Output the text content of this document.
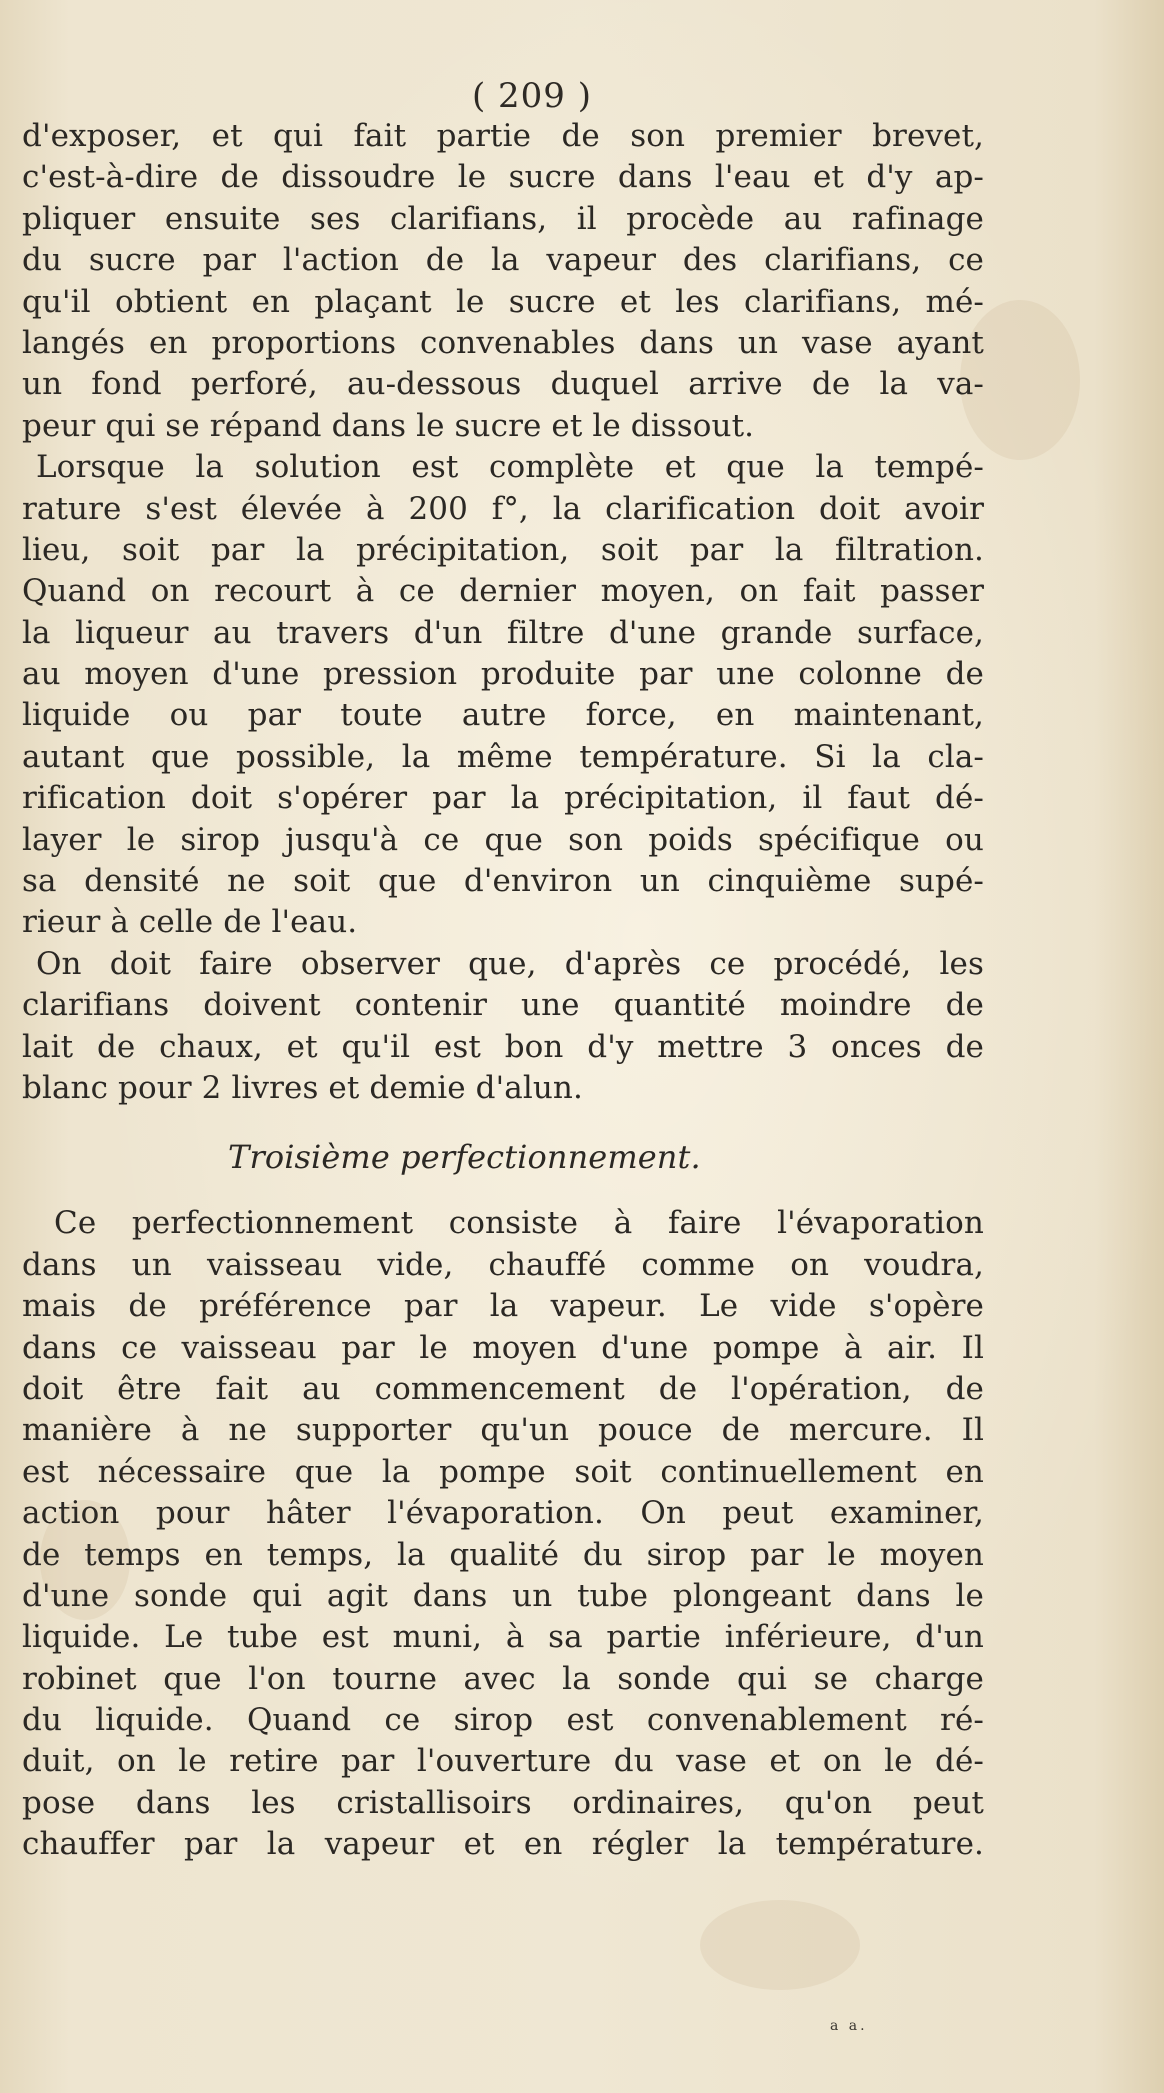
( 209 )
d'exposer, et qui fait partie de son premier brevet,
c'est-à-dire de dissoudre le sucre dans l'eau et d'y ap-
pliquer ensuite ses clarifians, il procède au rafinage
du sucre par l'action de la vapeur des clarifians, ce
qu'il obtient en plaçant le sucre et les clarifians, mé-
langés en proportions convenables dans un vase ayant
un fond perforé, au-dessous duquel arrive de la va-
peur qui se répand dans le sucre et le dissout.
Lorsque la solution est complète et que la tempé-
rature s'est élevée à 200 f°, la clarification doit avoir
lieu, soit par la précipitation, soit par la filtration.
Quand on recourt à ce dernier moyen, on fait passer
la liqueur au travers d'un filtre d'une grande surface,
au moyen d'une pression produite par une colonne de
liquide ou par toute autre force, en maintenant,
autant que possible, la même température. Si la cla-
rification doit s'opérer par la précipitation, il faut dé-
layer le sirop jusqu'à ce que son poids spécifique ou
sa densité ne soit que d'environ un cinquième supé-
rieur à celle de l'eau.
On doit faire observer que, d'après ce procédé, les
clarifians doivent contenir une quantité moindre de
lait de chaux, et qu'il est bon d'y mettre 3 onces de
blanc pour 2 livres et demie d'alun.
Troisième perfectionnement.
Ce perfectionnement consiste à faire l'évaporation
dans un vaisseau vide, chauffé comme on voudra,
mais de préférence par la vapeur. Le vide s'opère
dans ce vaisseau par le moyen d'une pompe à air. Il
doit être fait au commencement de l'opération, de
manière à ne supporter qu'un pouce de mercure. Il
est nécessaire que la pompe soit continuellement en
action pour hâter l'évaporation. On peut examiner,
de temps en temps, la qualité du sirop par le moyen
d'une sonde qui agit dans un tube plongeant dans le
liquide. Le tube est muni, à sa partie inférieure, d'un
robinet que l'on tourne avec la sonde qui se charge
du liquide. Quand ce sirop est convenablement ré-
duit, on le retire par l'ouverture du vase et on le dé-
pose dans les cristallisoirs ordinaires, qu'on peut
chauffer par la vapeur et en régler la température.
a a.
